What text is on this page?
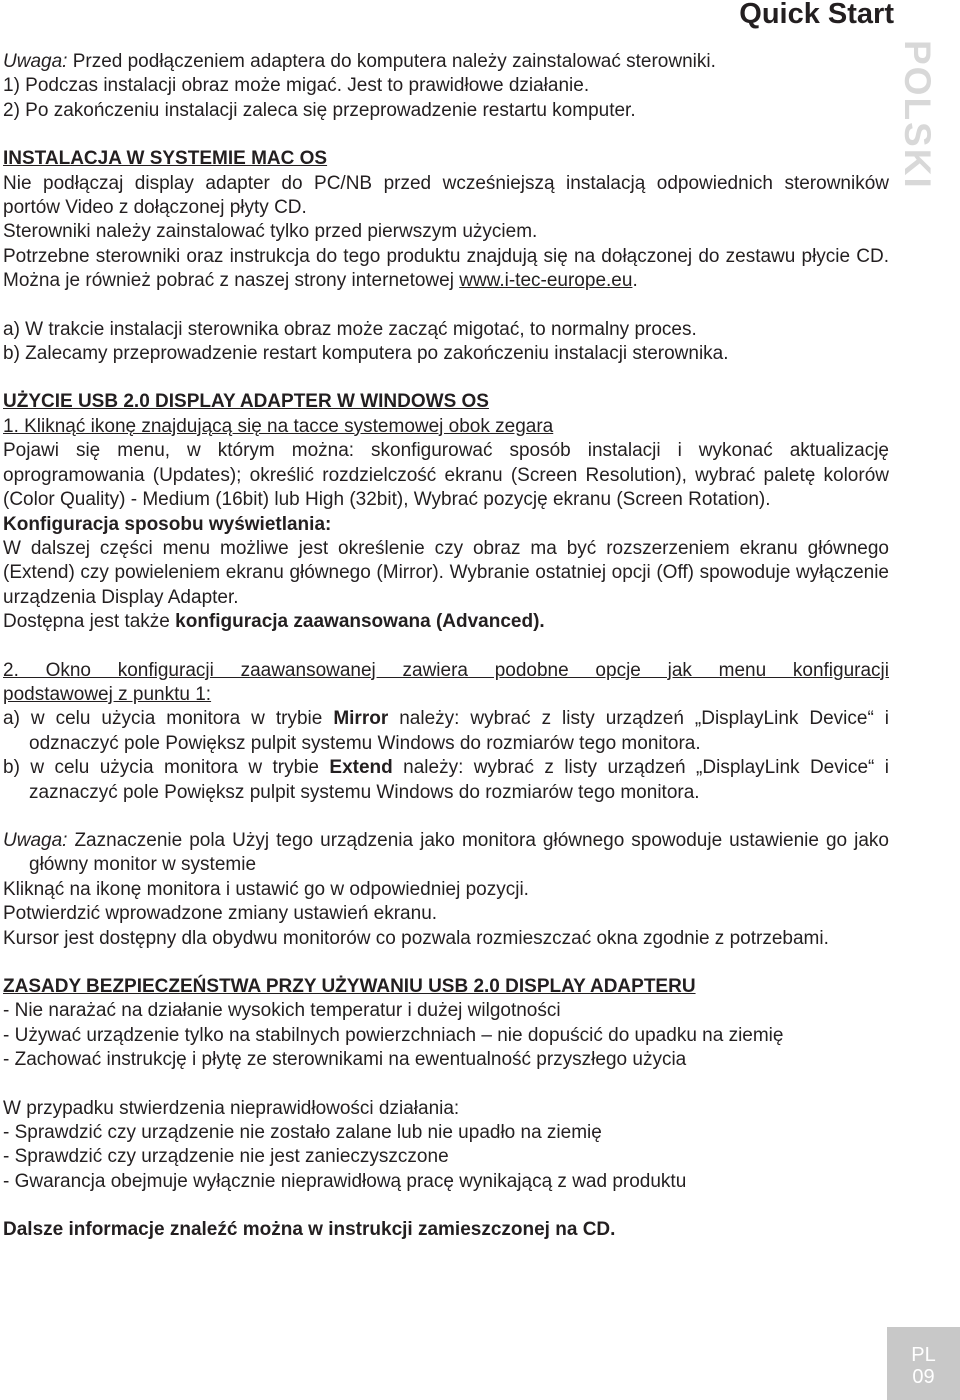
Quick Start
POLSKI

Uwaga: Przed podłączeniem adaptera do komputera należy zainstalować sterowniki.

1) Podczas instalacji obraz może migać. Jest to prawidłowe działanie.

2) Po zakończeniu instalacji zaleca się przeprowadzenie restartu komputer.

INSTALACJA W SYSTEMIE MAC OS

Nie podłączaj display adapter do PC/NB przed wcześniejszą instalacją odpowiednich sterowników portów Video z dołączonej płyty CD.

Sterowniki należy zainstalować tylko przed pierwszym użyciem.

Potrzebne sterowniki oraz instrukcja do tego produktu znajdują się na dołączonej do zestawu płycie CD. Można je również pobrać z naszej strony internetowej www.i-tec-europe.eu.

a) W trakcie instalacji sterownika obraz może zacząć migotać, to normalny proces.

b) Zalecamy przeprowadzenie restart komputera po zakończeniu instalacji sterownika.

UŻYCIE USB 2.0 DISPLAY ADAPTER W WINDOWS OS

1. Kliknąć ikonę znajdującą się na tacce systemowej obok zegara

Pojawi się menu, w którym można: skonfigurować sposób instalacji i wykonać aktualizację oprogramowania (Updates); określić rozdzielczość ekranu (Screen Resolution), wybrać paletę kolorów (Color Quality) - Medium (16bit) lub High (32bit), Wybrać pozycję ekranu (Screen Rotation).

Konfiguracja sposobu wyświetlania:

W dalszej części menu możliwe jest określenie czy obraz ma być rozszerzeniem ekranu głównego (Extend) czy powieleniem ekranu głównego (Mirror). Wybranie ostatniej opcji (Off) spowoduje wyłączenie urządzenia Display Adapter.

Dostępna jest także konfiguracja zaawansowana (Advanced).

2. Okno konfiguracji zaawansowanej zawiera podobne opcje jak menu konfiguracji

podstawowej z punktu 1:

a) w celu użycia monitora w trybie Mirror należy: wybrać z listy urządzeń „DisplayLink Device“ i odznaczyć pole Powiększ pulpit systemu Windows do rozmiarów tego monitora.

b) w celu użycia monitora w trybie Extend należy: wybrać z listy urządzeń „DisplayLink Device“ i zaznaczyć pole Powiększ pulpit systemu Windows do rozmiarów tego monitora.

Uwaga: Zaznaczenie pola Użyj tego urządzenia jako monitora głównego spowoduje ustawienie go jako główny monitor w systemie

Kliknąć na ikonę monitora i ustawić go w odpowiedniej pozycji.

Potwierdzić wprowadzone zmiany ustawień ekranu.

Kursor jest dostępny dla obydwu monitorów co pozwala rozmieszczać okna zgodnie z potrzebami.

ZASADY BEZPIECZEŃSTWA PRZY UŻYWANIU USB 2.0 DISPLAY ADAPTERU

- Nie narażać na działanie wysokich temperatur i dużej wilgotności

- Używać urządzenie tylko na stabilnych powierzchniach – nie dopuścić do upadku na ziemię

- Zachować instrukcję i płytę ze sterownikami na ewentualność przyszłego użycia

W przypadku stwierdzenia nieprawidłowości działania:

- Sprawdzić czy urządzenie nie zostało zalane lub nie upadło na ziemię

- Sprawdzić czy urządzenie nie jest zanieczyszczone

- Gwarancja obejmuje wyłącznie nieprawidłową pracę wynikającą z wad produktu

Dalsze informacje znaleźć można w instrukcji zamieszczonej na CD.

PL
09
